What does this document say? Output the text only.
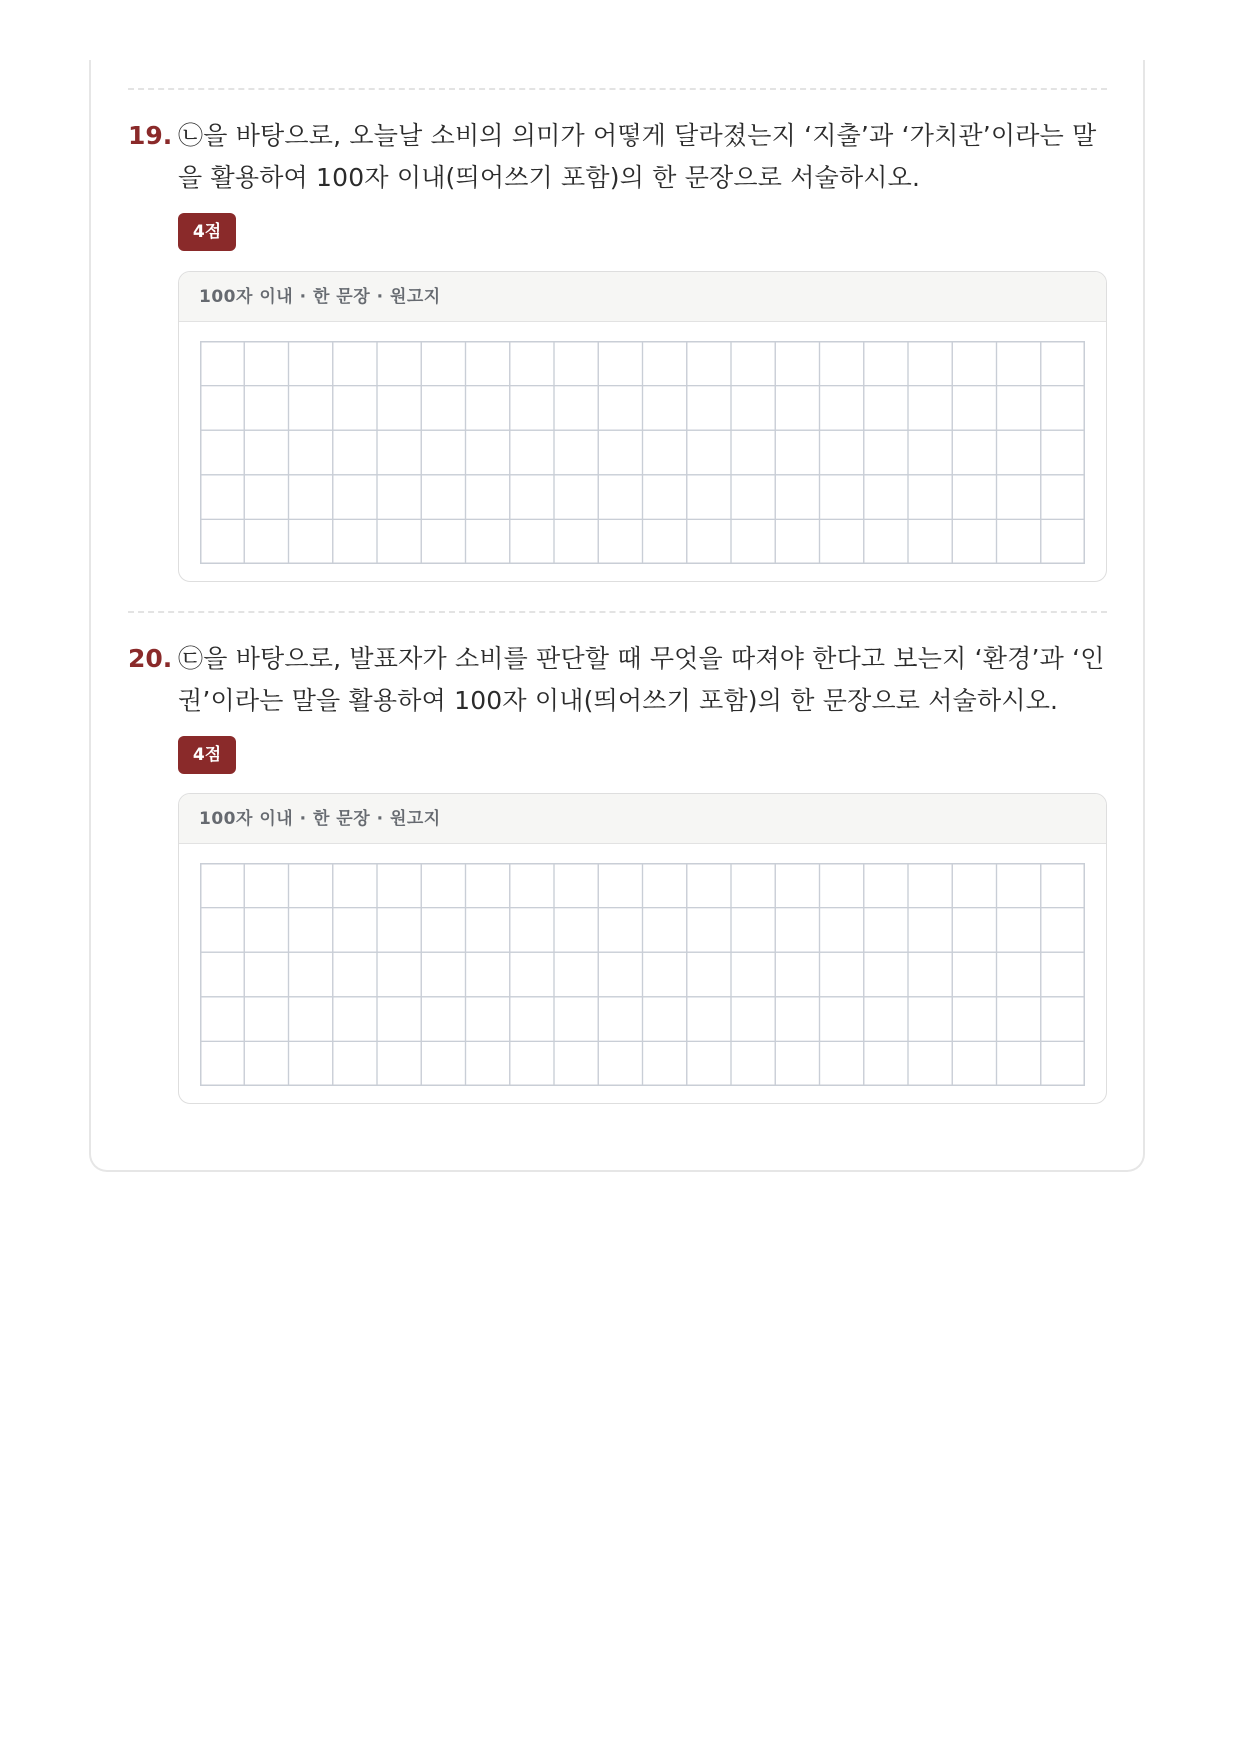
19. ㉡을 바탕으로, 오늘날 소비의 의미가 어떻게 달라졌는지 ‘지출’과 ‘가치관’이라는 말을 활용하여 100자 이내(띄어쓰기 포함)의 한 문장으로 서술하시오.
4점
100자 이내 · 한 문장 · 원고지
20. ㉢을 바탕으로, 발표자가 소비를 판단할 때 무엇을 따져야 한다고 보는지 ‘환경’과 ‘인권’이라는 말을 활용하여 100자 이내(띄어쓰기 포함)의 한 문장으로 서술하시오.
4점
100자 이내 · 한 문장 · 원고지
